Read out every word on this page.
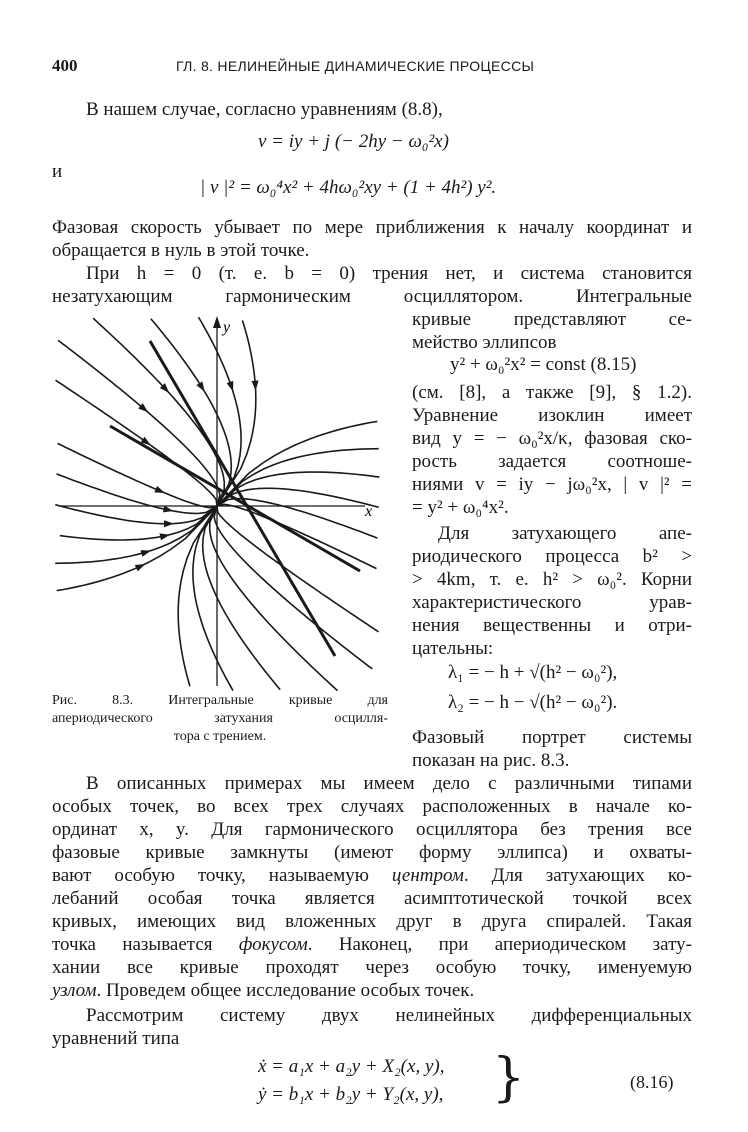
400	ГЛ. 8. НЕЛИНЕЙНЫЕ ДИНАМИЧЕСКИЕ ПРОЦЕССЫ
В нашем случае, согласно уравнениям (8.8),
v = iy + j (− 2hy − ω₀²x)
и
| v |² = ω₀⁴x² + 4hω₀²xy + (1 + 4h²) y².
Фазовая скорость убывает по мере приближения к началу координат и обращается в нуль в этой точке.
При h = 0 (т. е. b = 0) трения нет, и система становится
незатухающим гармоническим осциллятором. Интегральные
кривые представляют се-
мейство эллипсов
y² + ω₀²x² = const (8.15)
(см. [8], а также [9], § 1.2).
Уравнение изоклин имеет
вид y = − ω₀²x/κ, фазовая ско-
рость задается соотноше-
ниями v = iy − jω₀²x, | v |² =
= y² + ω₀⁴x².
Для затухающего апе-
риодического процесса b² >
> 4km, т. е. h² > ω₀². Корни
характеристического урав-
нения вещественны и отри-
цательны:
λ₁ = − h + √(h² − ω₀²),
λ₂ = − h − √(h² − ω₀²).
Фазовый портрет системы
показан на рис. 8.3.
y
x
Рис. 8.3. Интегральные кривые для
апериодического затухания осцилля-
тора с трением.
В описанных примерах мы имеем дело с различными типами
особых точек, во всех трех случаях расположенных в начале ко-
ординат x, y. Для гармонического осциллятора без трения все
фазовые кривые замкнуты (имеют форму эллипса) и охваты-
вают особую точку, называемую центром. Для затухающих ко-
лебаний особая точка является асимптотической точкой всех
кривых, имеющих вид вложенных друг в друга спиралей. Такая
точка называется фокусом. Наконец, при апериодическом зату-
хании все кривые проходят через особую точку, именуемую
узлом. Проведем общее исследование особых точек.
Рассмотрим систему двух нелинейных дифференциальных
уравнений типа
ẋ = a₁x + a₂y + X₂(x, y),
ẏ = b₁x + b₂y + Y₂(x, y), }	(8.16)
